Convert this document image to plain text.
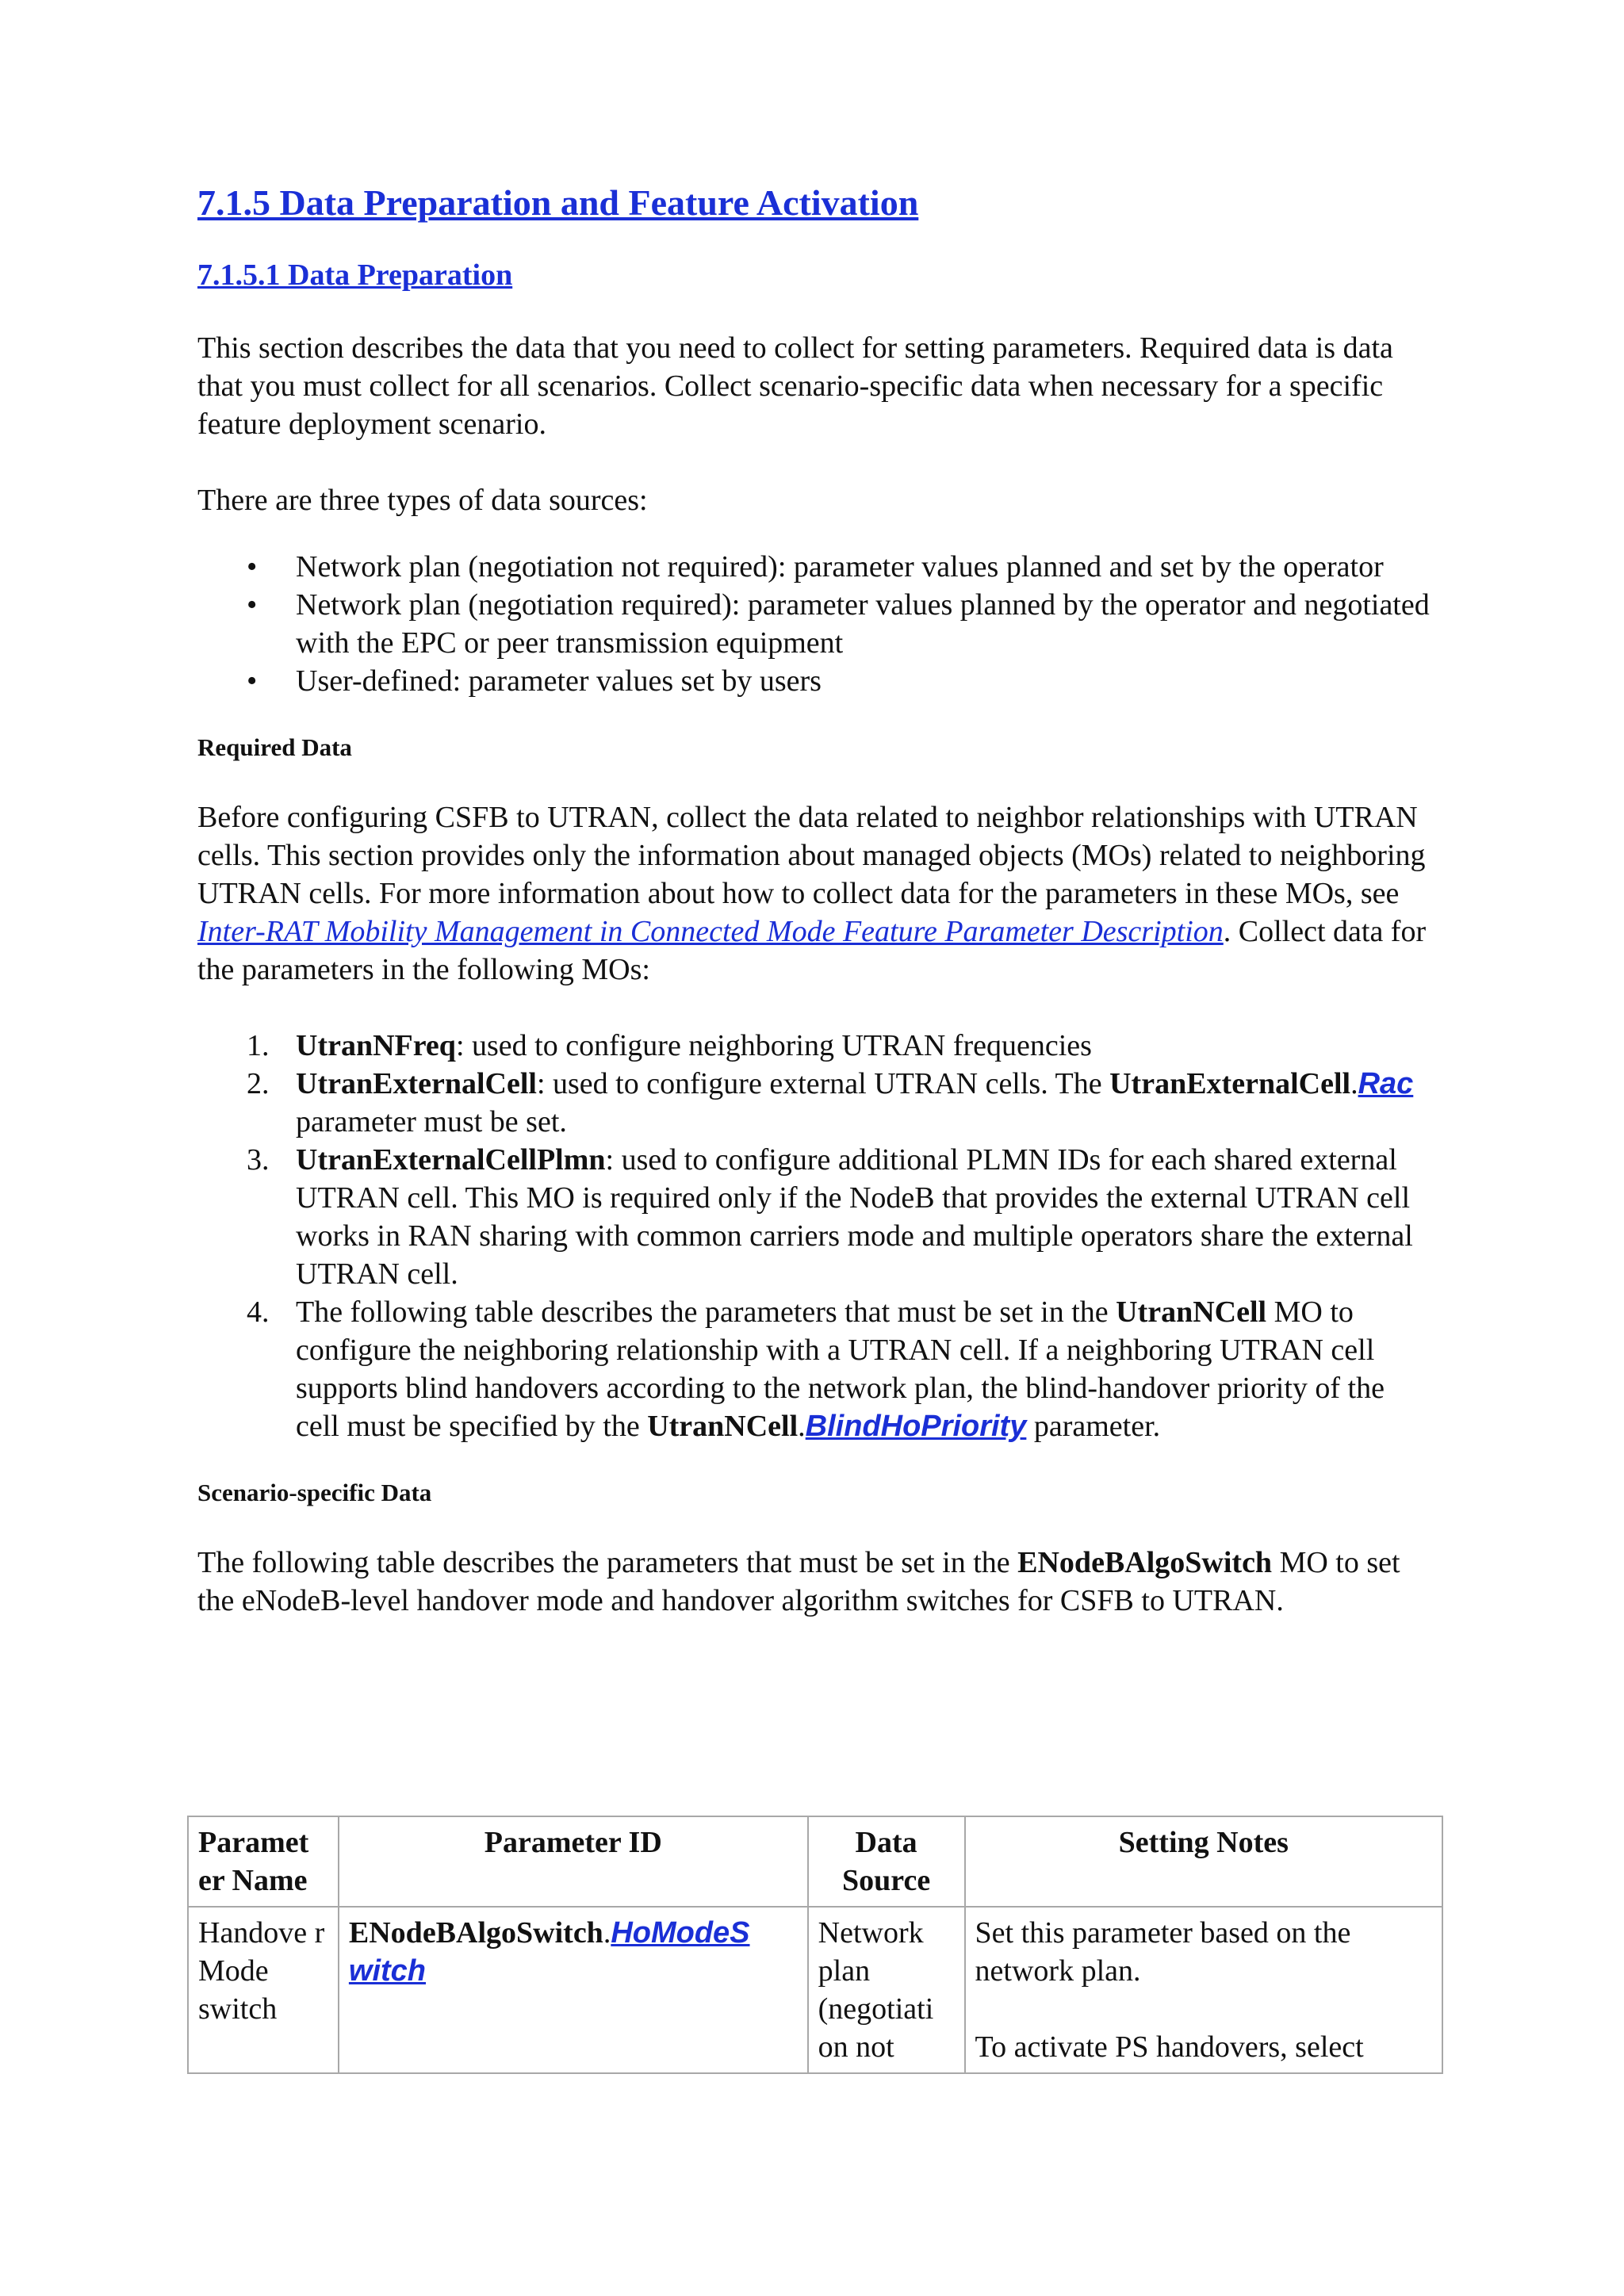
7.1.5 Data Preparation and Feature Activation
7.1.5.1 Data Preparation

This section describes the data that you need to collect for setting parameters. Required data is data that you must collect for all scenarios. Collect scenario-specific data when necessary for a specific feature deployment scenario.

There are three types of data sources:

• Network plan (negotiation not required): parameter values planned and set by the operator
• Network plan (negotiation required): parameter values planned by the operator and negotiated with the EPC or peer transmission equipment
• User-defined: parameter values set by users
Required Data

Before configuring CSFB to UTRAN, collect the data related to neighbor relationships with UTRAN cells. This section provides only the information about managed objects (MOs) related to neighboring UTRAN cells. For more information about how to collect data for the parameters in these MOs, see Inter-RAT Mobility Management in Connected Mode Feature Parameter Description. Collect data for the parameters in the following MOs:

1. UtranNFreq: used to configure neighboring UTRAN frequencies
2. UtranExternalCell: used to configure external UTRAN cells. The UtranExternalCell.Rac parameter must be set.
3. UtranExternalCellPlmn: used to configure additional PLMN IDs for each shared external UTRAN cell. This MO is required only if the NodeB that provides the external UTRAN cell works in RAN sharing with common carriers mode and multiple operators share the external UTRAN cell.
4. The following table describes the parameters that must be set in the UtranNCell MO to configure the neighboring relationship with a UTRAN cell. If a neighboring UTRAN cell supports blind handovers according to the network plan, the blind-handover priority of the cell must be specified by the UtranNCell.BlindHoPriority parameter.
Scenario-specific Data

The following table describes the parameters that must be set in the ENodeBAlgoSwitch MO to set the eNodeB-level handover mode and handover algorithm switches for CSFB to UTRAN.

Paramet er Name	Parameter ID	Data Source	Setting Notes
Handove r Mode switch	ENodeBAlgoSwitch.HoModeS witch	Network plan (negotiati on not	Set this parameter based on the network plan.
To activate PS handovers, select
